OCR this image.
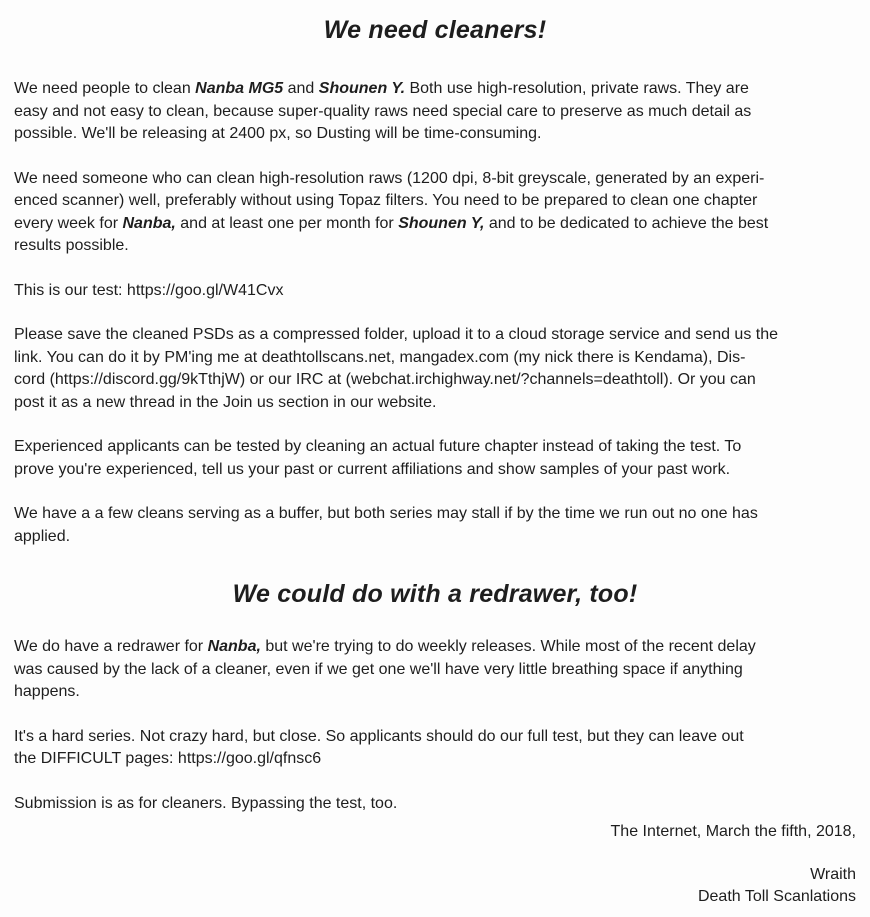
We need cleaners!

We need people to clean Nanba MG5 and Shounen Y. Both use high-resolution, private raws. They are
easy and not easy to clean, because super-quality raws need special care to preserve as much detail as
possible. We'll be releasing at 2400 px, so Dusting will be time-consuming.

We need someone who can clean high-resolution raws (1200 dpi, 8-bit greyscale, generated by an experi-
enced scanner) well, preferably without using Topaz filters. You need to be prepared to clean one chapter
every week for Nanba, and at least one per month for Shounen Y, and to be dedicated to achieve the best
results possible.

This is our test: https://goo.gl/W41Cvx

Please save the cleaned PSDs as a compressed folder, upload it to a cloud storage service and send us the
link. You can do it by PM'ing me at deathtollscans.net, mangadex.com (my nick there is Kendama), Dis-
cord (https://discord.gg/9kTthjW) or our IRC at (webchat.irchighway.net/?channels=deathtoll). Or you can
post it as a new thread in the Join us section in our website.

Experienced applicants can be tested by cleaning an actual future chapter instead of taking the test. To
prove you're experienced, tell us your past or current affiliations and show samples of your past work.

We have a a few cleans serving as a buffer, but both series may stall if by the time we run out no one has
applied.

We could do with a redrawer, too!

We do have a redrawer for Nanba, but we're trying to do weekly releases. While most of the recent delay
was caused by the lack of a cleaner, even if we get one we'll have very little breathing space if anything
happens.

It's a hard series. Not crazy hard, but close. So applicants should do our full test, but they can leave out
the DIFFICULT pages: https://goo.gl/qfnsc6

Submission is as for cleaners. Bypassing the test, too.

The Internet, March the fifth, 2018,

Wraith
Death Toll Scanlations
